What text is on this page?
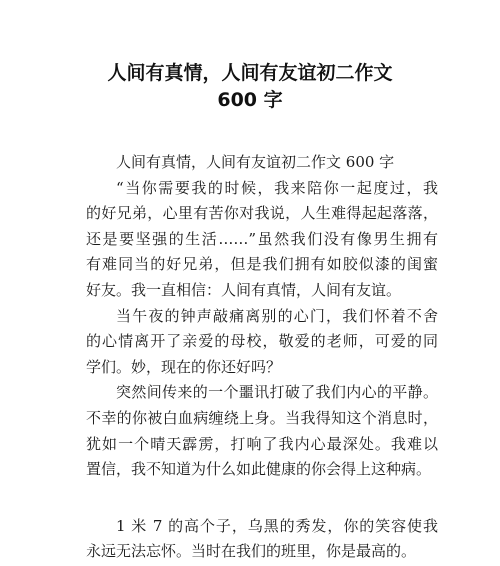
人间有真情，人间有友谊初二作文
600 字
人间有真情，人间有友谊初二作文 600 字
“当你需要我的时候，我来陪你一起度过，我
的好兄弟，心里有苦你对我说，人生难得起起落落，
还是要坚强的生活……”虽然我们没有像男生拥有
有难同当的好兄弟，但是我们拥有如胶似漆的闺蜜
好友。我一直相信：人间有真情，人间有友谊。
当午夜的钟声敲痛离别的心门，我们怀着不舍
的心情离开了亲爱的母校，敬爱的老师，可爱的同
学们。妙，现在的你还好吗？
突然间传来的一个噩讯打破了我们内心的平静。
不幸的你被白血病缠绕上身。当我得知这个消息时，
犹如一个晴天霹雳，打响了我内心最深处。我难以
置信，我不知道为什么如此健康的你会得上这种病。
1 米 7 的高个子，乌黑的秀发，你的笑容使我
永远无法忘怀。当时在我们的班里，你是最高的。
